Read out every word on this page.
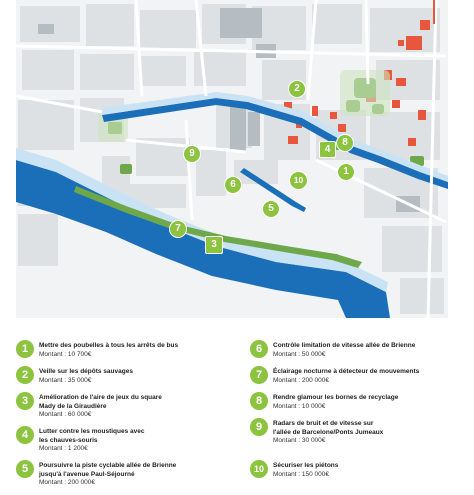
1
2
3
4
5
6
7
8
9
10
1	Mettre des poubelles à tous les arrêts de bus
Montant : 10 700€
2	Veille sur les dépôts sauvages
Montant : 35 000€
3	Amélioration de l'aire de jeux du square
Mady de la Giraudière
Montant : 60 000€
4	Lutter contre les moustiques avec
les chauves-souris
Montant : 1 200€
5	Poursuivre la piste cyclable allée de Brienne
jusqu'à l'avenue Paul-Séjourné
Montant : 200 000€
6	Contrôle limitation de vitesse allée de Brienne
Montant : 50 000€
7	Éclairage nocturne à détecteur de mouvements
Montant : 200 000€
8	Rendre glamour les bornes de recyclage
Montant : 10 000€
9	Radars de bruit et de vitesse sur
l'allée de Barcelone/Ponts Jumeaux
Montant : 30 000€
10	Sécuriser les piétons
Montant : 150 000€
